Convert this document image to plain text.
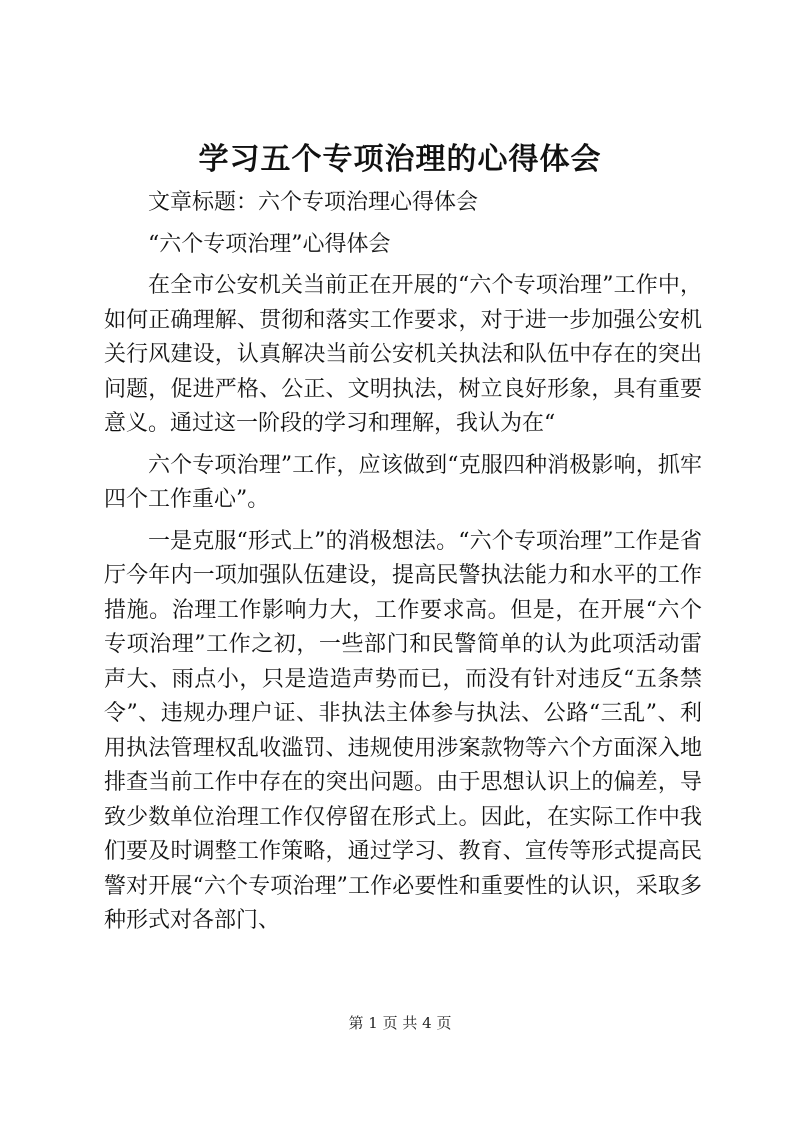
学习五个专项治理的心得体会

文章标题：六个专项治理心得体会

“六个专项治理”心得体会

在全市公安机关当前正在开展的“六个专项治理”工作中，如何正确理解、贯彻和落实工作要求，对于进一步加强公安机关行风建设，认真解决当前公安机关执法和队伍中存在的突出问题，促进严格、公正、文明执法，树立良好形象，具有重要意义。通过这一阶段的学习和理解，我认为在“

六个专项治理”工作，应该做到“克服四种消极影响，抓牢四个工作重心”。

一是克服“形式上”的消极想法。“六个专项治理”工作是省厅今年内一项加强队伍建设，提高民警执法能力和水平的工作措施。治理工作影响力大，工作要求高。但是，在开展“六个专项治理”工作之初，一些部门和民警简单的认为此项活动雷声大、雨点小，只是造造声势而已，而没有针对违反“五条禁令”、违规办理户证、非执法主体参与执法、公路“三乱”、利用执法管理权乱收滥罚、违规使用涉案款物等六个方面深入地排查当前工作中存在的突出问题。由于思想认识上的偏差，导致少数单位治理工作仅停留在形式上。因此，在实际工作中我们要及时调整工作策略，通过学习、教育、宣传等形式提高民警对开展“六个专项治理”工作必要性和重要性的认识，采取多种形式对各部门、

第 1 页 共 4 页
